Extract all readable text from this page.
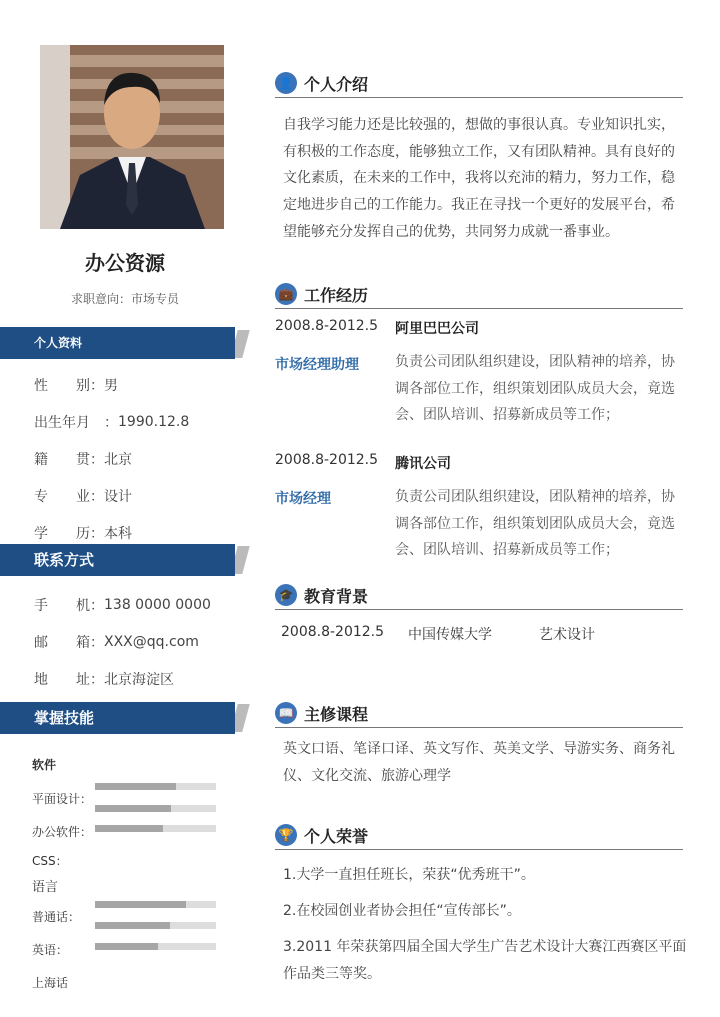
办公资源
求职意向：市场专员
个人资料
性 别 ： 男
出生年月 ： 1990.12.8
籍 贯 ： 北京
专 业 ： 设计
学 历 ： 本科
联系方式
手 机 ： 138 0000 0000
邮 箱 ： XXX@qq.com
地 址 ： 北京海淀区
掌握技能
软件
平面设计：
办公软件：
CSS：
语言
普通话：
英语：
上海话
👤 个人介绍
自我学习能力还是比较强的，想做的事很认真。专业知识扎实，有积极的工作态度，能够独立工作，又有团队精神。具有良好的文化素质，在未来的工作中，我将以充沛的精力，努力工作，稳定地进步自己的工作能力。我正在寻找一个更好的发展平台，希望能够充分发挥自己的优势，共同努力成就一番事业。
💼 工作经历
2008.8-2012.5 阿里巴巴公司
市场经理助理	负责公司团队组织建设，团队精神的培养，协调各部位工作，组织策划团队成员大会，竟选会、团队培训、招募新成员等工作；
2008.8-2012.5 腾讯公司
市场经理	负责公司团队组织建设，团队精神的培养，协调各部位工作，组织策划团队成员大会，竟选会、团队培训、招募新成员等工作；
🎓 教育背景
2008.8-2012.5 中国传媒大学	艺术设计
📖 主修课程
英文口语、笔译口译、英文写作、英美文学、导游实务、商务礼仪、文化交流、旅游心理学
🏆 个人荣誉
1.大学一直担任班长，荣获“优秀班干”。
2.在校园创业者协会担任“宣传部长”。
3.2011 年荣获第四届全国大学生广告艺术设计大赛江西赛区平面作品类三等奖。
